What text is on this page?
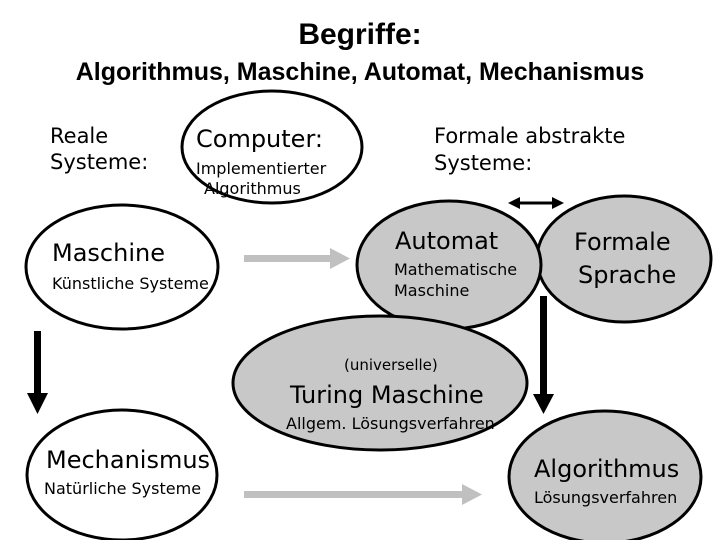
Begriffe:
Algorithmus, Maschine, Automat, Mechanismus
Reale
Systeme:
Formale abstrakte
Systeme:
Computer:
Implementierter
Algorithmus
Maschine
Künstliche Systeme
Automat
Mathematische
Maschine
Formale
Sprache
(universelle)
Turing Maschine
Allgem. Lösungsverfahren
Mechanismus
Natürliche Systeme
Algorithmus
Lösungsverfahren
